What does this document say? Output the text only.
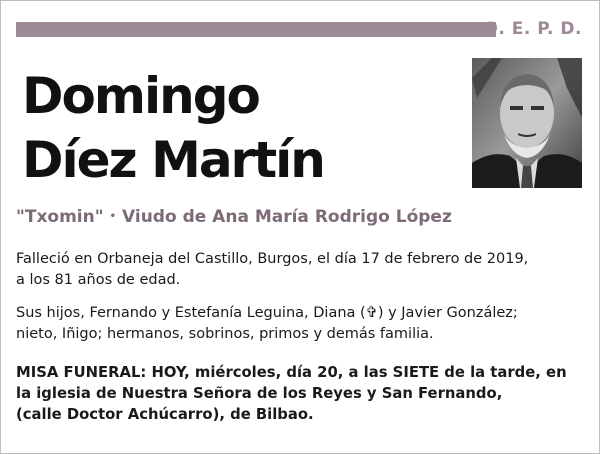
Q. E. P. D.
Domingo
Díez Martín
"Txomin" • Viudo de Ana María Rodrigo López
Falleció en Orbaneja del Castillo, Burgos, el día 17 de febrero de 2019,
a los 81 años de edad.
Sus hijos, Fernando y Estefanía Leguina, Diana (✞) y Javier González;
nieto, Iñigo; hermanos, sobrinos, primos y demás familia.
MISA FUNERAL: HOY, miércoles, día 20, a las SIETE de la tarde, en
la iglesia de Nuestra Señora de los Reyes y San Fernando,
(calle Doctor Achúcarro), de Bilbao.
